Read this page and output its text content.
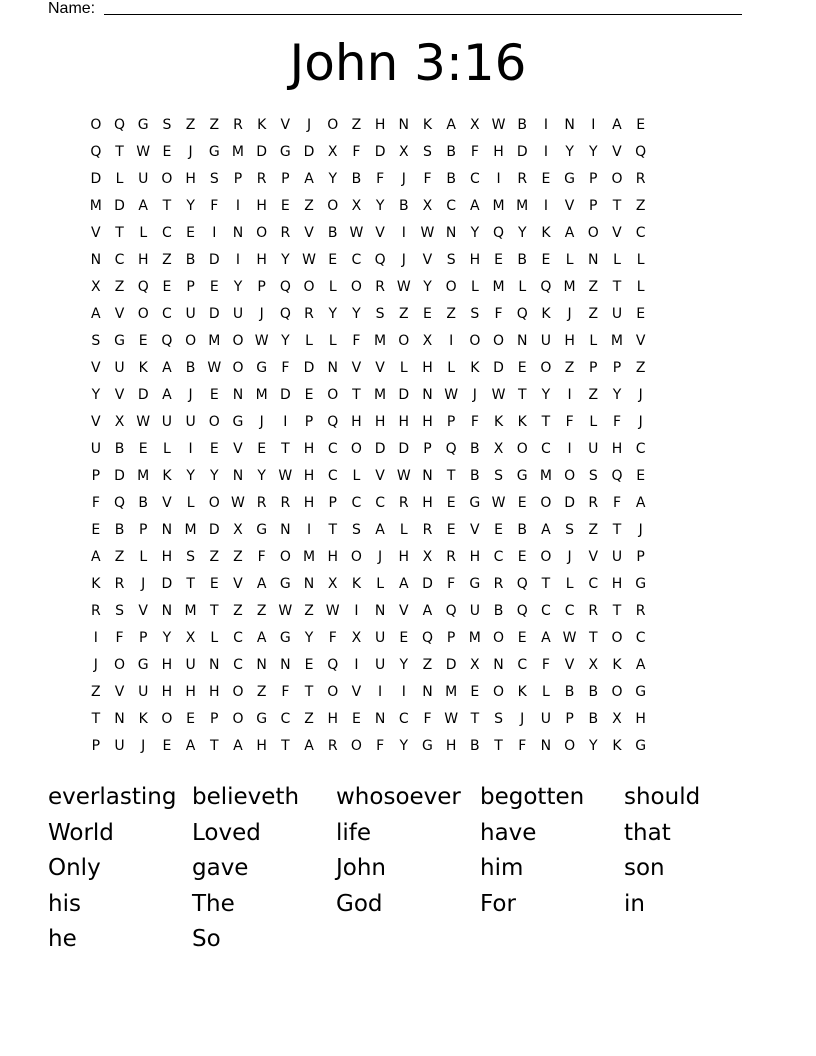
Name:
John 3:16
O Q G S	Z	Z	R	K	V	J	O Z H N K	A	X W B	I	N	I	A	E
Q T W E	J	G M D G D X	F	D X	S	B	F	H D	I	Y	Y	V Q
D	L	U O H S	P	R	P	A	Y	B	F	J	F	B	C	I	R	E G	P O R
M D A	T	Y	F	I	H E	Z O X	Y	B	X	C	A M M	I	V	P	T	Z
V	T	L	C	E	I	N O R	V	B W V	I	W N	Y Q Y	K	A O V	C
N C H Z	B D	I	H	Y W E	C Q	J	V	S H E	B	E	L	N	L	L
X	Z Q E	P	E	Y	P Q O	L	O R W Y O	L M L	Q M Z	T	L
A	V O C U D U	J	Q R	Y	Y	S	Z	E	Z	S	F	Q K	J	Z U	E
S G E Q O M O W Y	L	L	F M O X	I	O O N U H	L M V
V U K	A	B W O G	F	D N V	V	L	H	L	K D E O Z	P	P	Z
Y	V D A	J	E	N M D E O T M D N W	J	W T	Y	I	Z	Y	J
V	X W U U O G	J	I	P Q H H H H	P	F	K	K	T	F	L	F	J
U B	E	L	I	E	V	E	T	H C O D D	P Q B	X O C	I	U H C
P	D M K	Y	Y	N	Y W H C	L	V W N	T	B	S G M O S Q E
F	Q B	V	L	O W R R H	P	C C R H E G W E O D R	F	A
E	B	P	N M D X G N	I	T	S	A	L	R	E	V	E	B	A	S	Z	T	J
A	Z	L	H S	Z	Z	F	O M H O	J	H X	R H C	E O	J	V U	P
K	R	J	D	T	E	V	A G N X	K	L	A D	F	G R Q T	L	C H G
R	S	V N M T	Z	Z W Z W	I	N V	A Q U B Q C C R	T	R
I	F	P	Y	X	L	C	A G Y	F	X U	E Q P M O E	A W T O C
J	O G H U N C N N	E Q	I	U	Y	Z D X N C	F	V	X	K	A
Z	V U H H H O Z	F	T O V	I	I	N M E O K	L	B	B O G
T	N K O E	P O G C	Z H E	N C	F W T	S	J	U	P	B	X H
P	U	J	E	A	T	A H	T	A	R O	F	Y G H B	T	F	N O Y	K G
everlasting believeth	whosoever begotten	should
World	Loved	life	have	that
Only	gave	John	him	son
his	The	God	For	in
he	So
